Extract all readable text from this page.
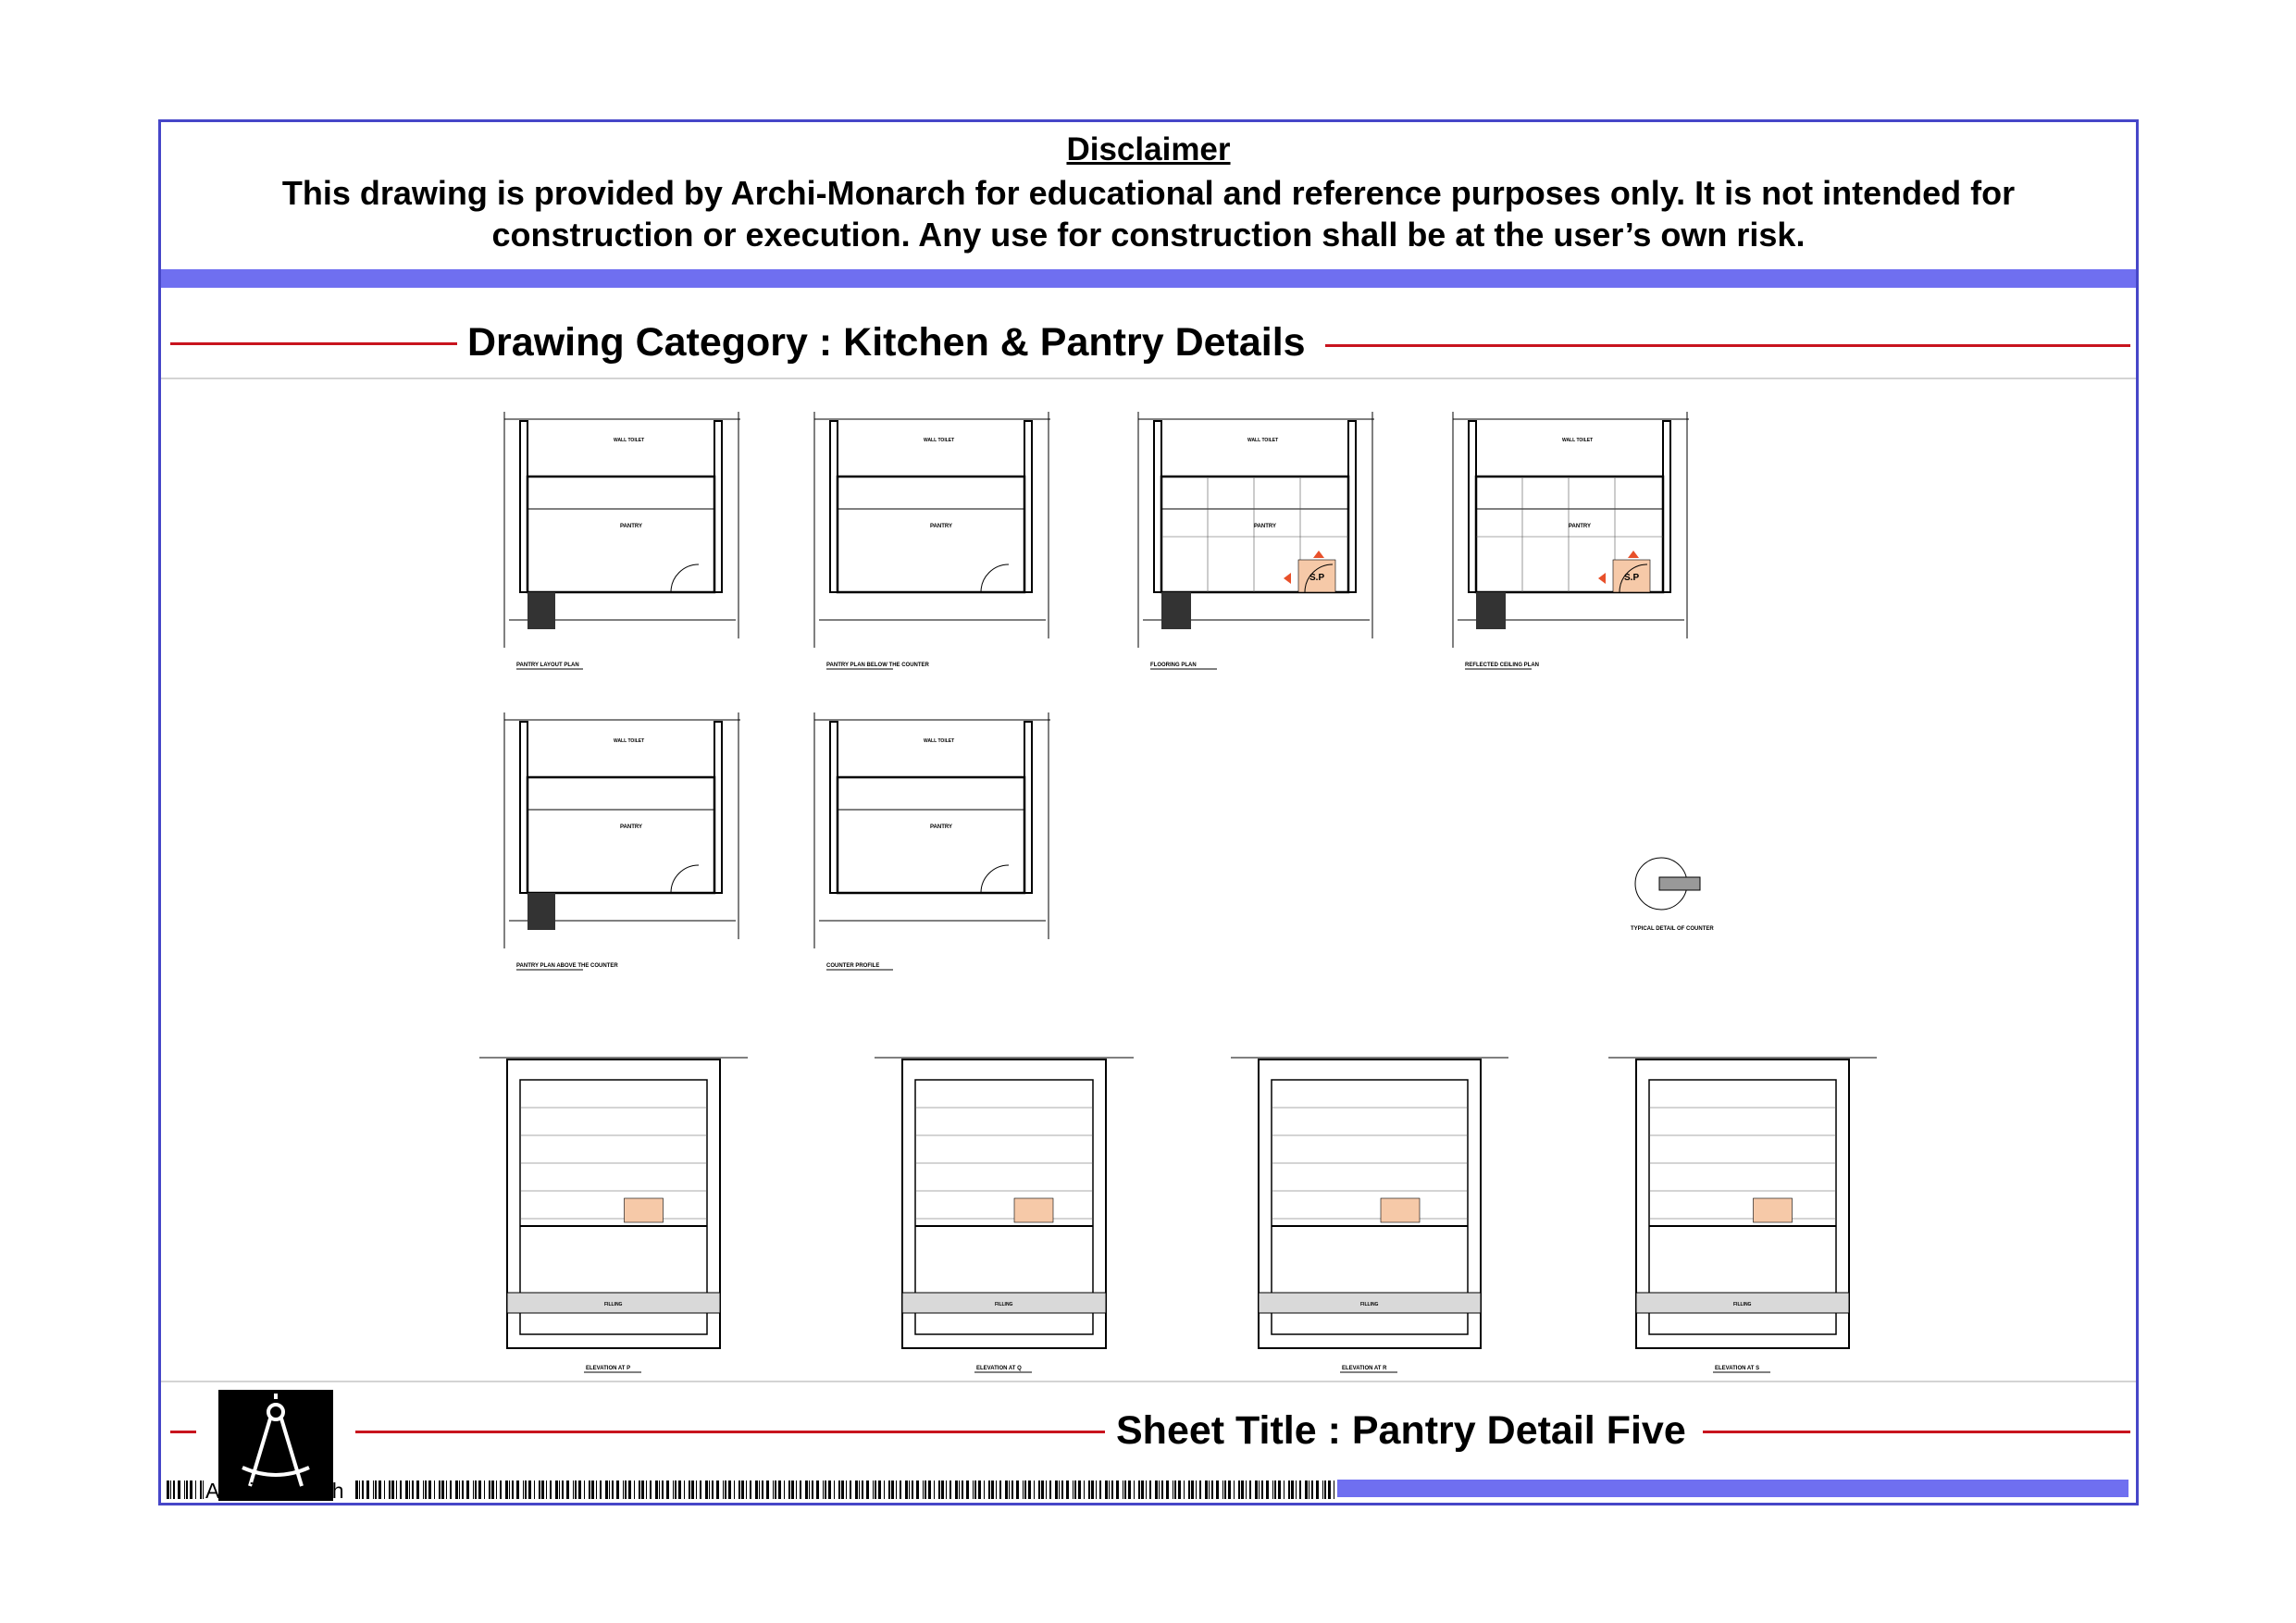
Disclaimer
This drawing is provided by Archi-Monarch for educational and reference purposes only. It is not intended for
construction or execution. Any use for construction shall be at the user’s own risk.
Drawing Category : Kitchen & Pantry Details
WALL TOILET
PANTRY
PANTRY LAYOUT PLAN
WALL TOILET
PANTRY
PANTRY PLAN BELOW THE COUNTER
S.P
WALL TOILET
PANTRY
FLOORING PLAN
S.P
WALL TOILET
PANTRY
REFLECTED CEILING PLAN
WALL TOILET
PANTRY
PANTRY PLAN ABOVE THE COUNTER
WALL TOILET
PANTRY
COUNTER PROFILE
FILLING
ELEVATION AT P
FILLING
ELEVATION AT Q
FILLING
ELEVATION AT R
FILLING
ELEVATION AT S
TYPICAL DETAIL OF COUNTER
Archi-Monarch
Sheet Title : Pantry Detail Five
